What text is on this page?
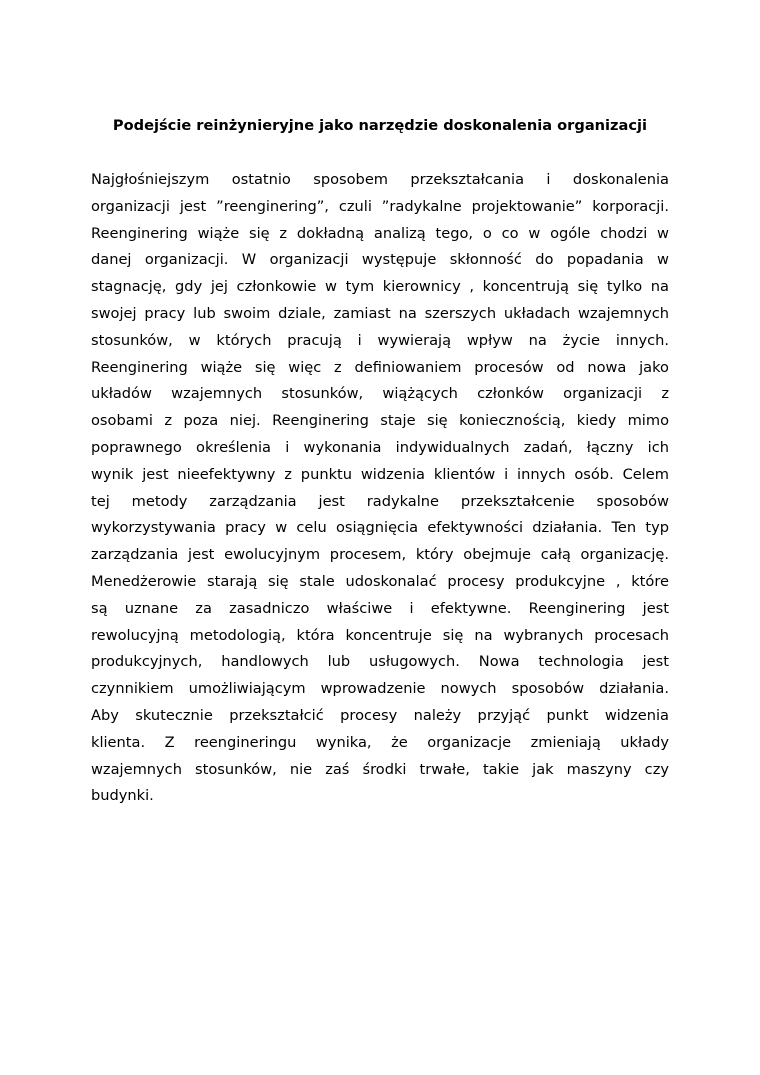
Podejście reinżynieryjne jako narzędzie doskonalenia organizacji
Najgłośniejszym ostatnio sposobem przekształcania i doskonalenia
organizacji jest ”reenginering”, czuli ”radykalne projektowanie” korporacji.
Reenginering wiąże się z dokładną analizą tego, o co w ogóle chodzi w
danej organizacji. W organizacji występuje skłonność do popadania w
stagnację, gdy jej członkowie w tym kierownicy , koncentrują się tylko na
swojej pracy lub swoim dziale, zamiast na szerszych układach wzajemnych
stosunków, w których pracują i wywierają wpływ na życie innych.
Reenginering wiąże się więc z definiowaniem procesów od nowa jako
układów wzajemnych stosunków, wiążących członków organizacji z
osobami z poza niej. Reenginering staje się koniecznością, kiedy mimo
poprawnego określenia i wykonania indywidualnych zadań, łączny ich
wynik jest nieefektywny z punktu widzenia klientów i innych osób. Celem
tej metody zarządzania jest radykalne przekształcenie sposobów
wykorzystywania pracy w celu osiągnięcia efektywności działania. Ten typ
zarządzania jest ewolucyjnym procesem, który obejmuje całą organizację.
Menedżerowie starają się stale udoskonalać procesy produkcyjne , które
są uznane za zasadniczo właściwe i efektywne. Reenginering jest
rewolucyjną metodologią, która koncentruje się na wybranych procesach
produkcyjnych, handlowych lub usługowych. Nowa technologia jest
czynnikiem umożliwiającym wprowadzenie nowych sposobów działania.
Aby skutecznie przekształcić procesy należy przyjąć punkt widzenia
klienta. Z reengineringu wynika, że organizacje zmieniają układy
wzajemnych stosunków, nie zaś środki trwałe, takie jak maszyny czy
budynki.
